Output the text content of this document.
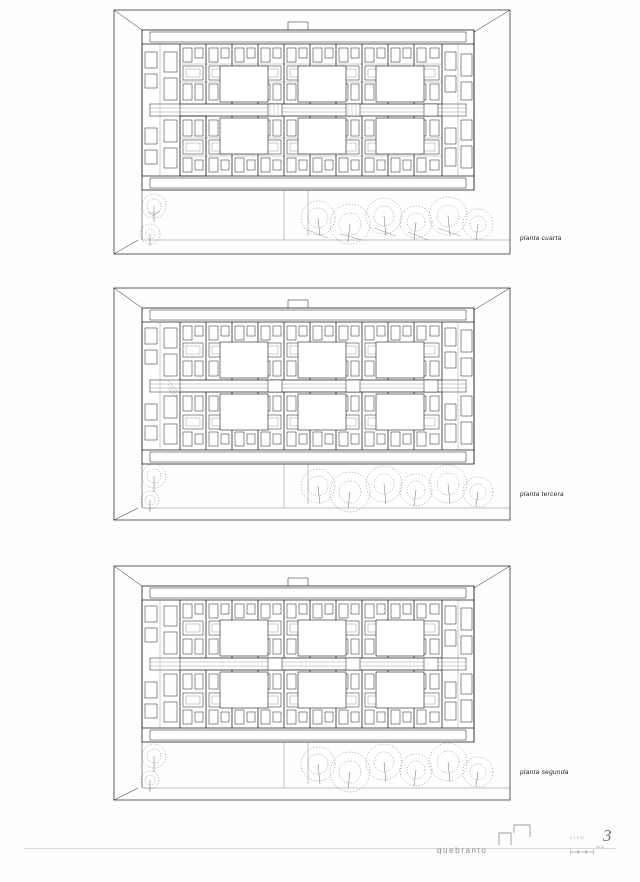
planta cuarta
planta tercera
planta segunda
quebranto
0 1 5 10 3
hoja
